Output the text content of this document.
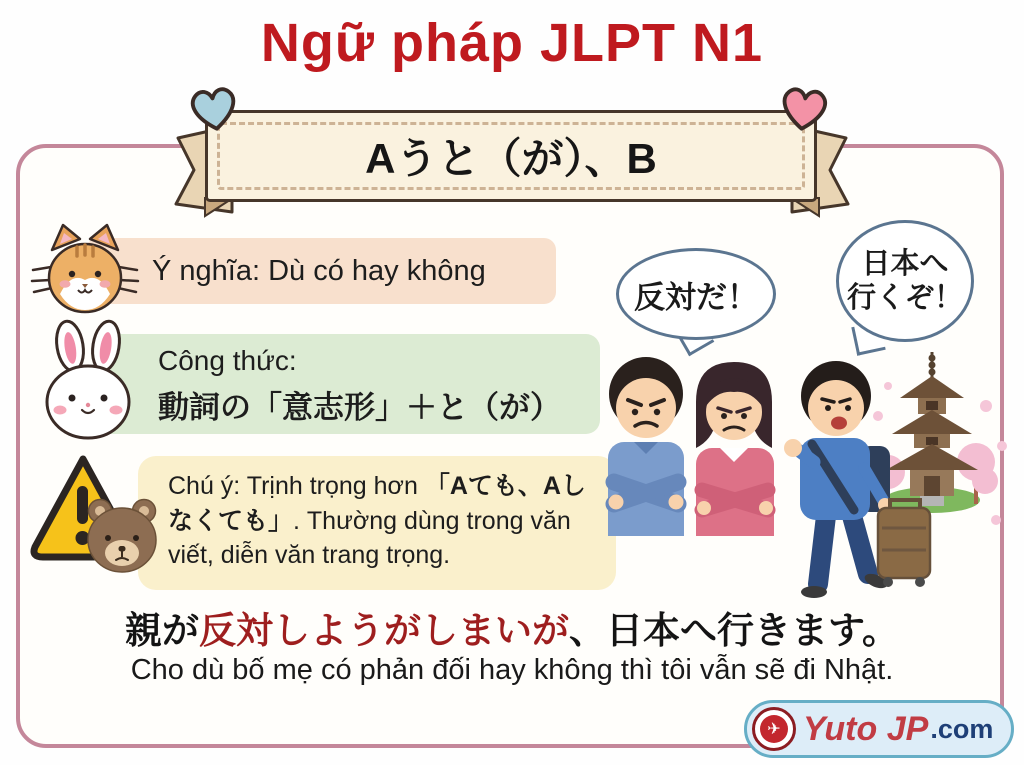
Ngữ pháp JLPT N1
Aうと（が）、B
Ý nghĩa: Dù có hay không
Công thức:
動詞の「意志形」＋と（が）
Chú ý: Trịnh trọng hơn 「Aても、Aしなくても」. Thường dùng trong văn viết, diễn văn trang trọng.
反対だ！
日本へ
行くぞ！
親が反対しようがしまいが、日本へ行きます。
Cho dù bố mẹ có phản đối hay không thì tôi vẫn sẽ đi Nhật.
✈ Yuto JP .com
